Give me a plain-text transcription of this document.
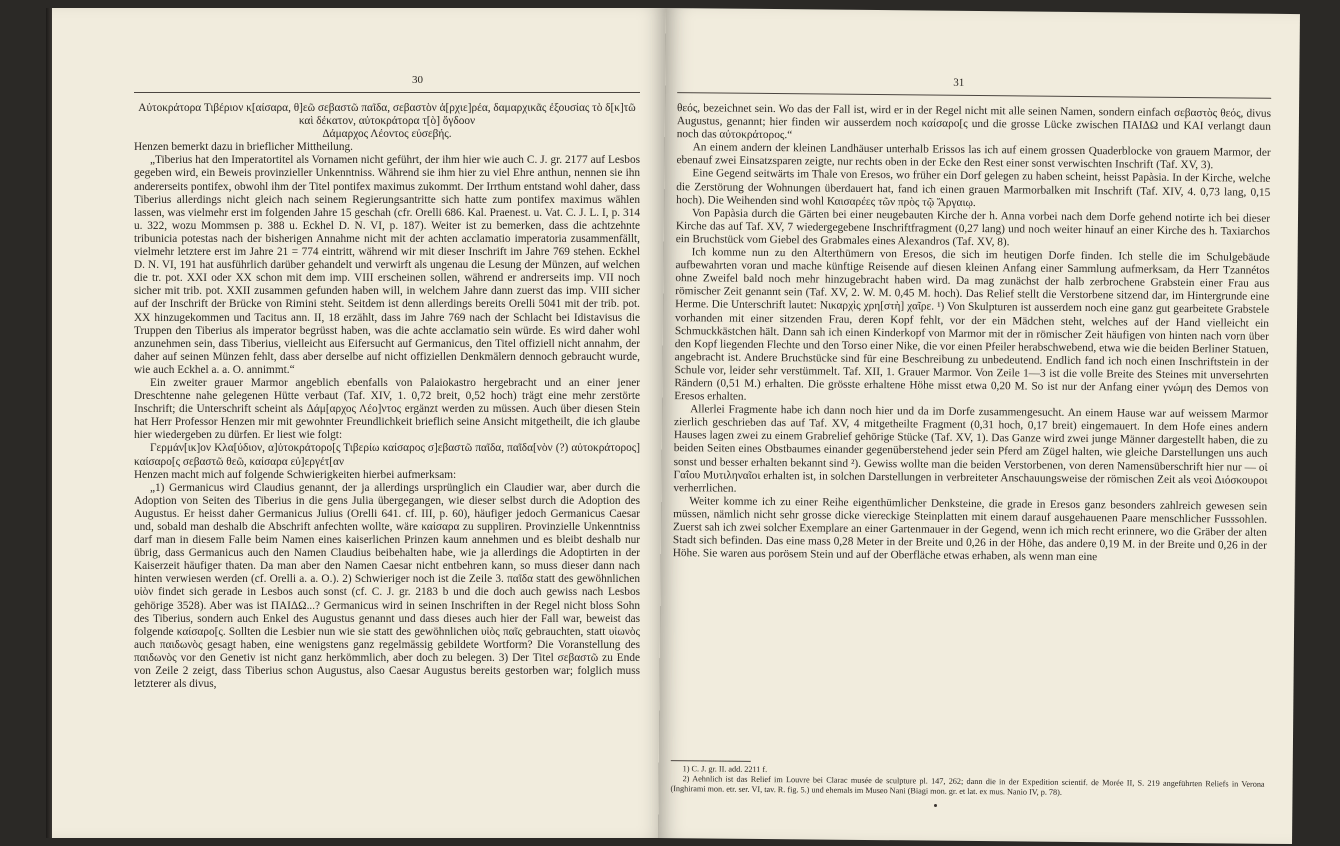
30

Αὐτοκράτορα Τιβέριον κ[αίσαρα, θ]εῶ σεβαστῶ παῖδα, σεβαστὸν ἀ[ρχιε]ρέα, δαμαρχικᾶς ἐξουσίας τὸ δ[κ]τῶ καὶ δέκατον, αὐτοκράτορα τ[ὸ] ὄγδοον

Δάμαρχος Λέοντος εὐσεβής.

Henzen bemerkt dazu in brieflicher Mittheilung.

„Tiberius hat den Imperatortitel als Vornamen nicht geführt, der ihm hier wie auch C. J. gr. 2177 auf Lesbos gegeben wird, ein Beweis provinzieller Unkenntniss. Während sie ihm hier zu viel Ehre anthun, nennen sie ihn andererseits pontifex, obwohl ihm der Titel pontifex maximus zukommt. Der Irrthum entstand wohl daher, dass Tiberius allerdings nicht gleich nach seinem Regierungsantritte sich hatte zum pontifex maximus wählen lassen, was vielmehr erst im folgenden Jahre 15 geschah (cfr. Orelli 686. Kal. Praenest. u. Vat. C. J. L. I, p. 314 u. 322, wozu Mommsen p. 388 u. Eckhel D. N. VI, p. 187). Weiter ist zu bemerken, dass die achtzehnte tribunicia potestas nach der bisherigen Annahme nicht mit der achten acclamatio imperatoria zusammenfällt, vielmehr letztere erst im Jahre 21 = 774 eintritt, während wir mit dieser Inschrift im Jahre 769 stehen. Eckhel D. N. VI, 191 hat ausführlich darüber gehandelt und verwirft als ungenau die Lesung der Münzen, auf welchen die tr. pot. XXI oder XX schon mit dem imp. VIII erscheinen sollen, während er andrerseits imp. VII noch sicher mit trib. pot. XXII zusammen gefunden haben will, in welchem Jahre dann zuerst das imp. VIII sicher auf der Inschrift der Brücke von Rimini steht. Seitdem ist denn allerdings bereits Orelli 5041 mit der trib. pot. XX hinzugekommen und Tacitus ann. II, 18 erzählt, dass im Jahre 769 nach der Schlacht bei Idistavisus die Truppen den Tiberius als imperator begrüsst haben, was die achte acclamatio sein würde. Es wird daher wohl anzunehmen sein, dass Tiberius, vielleicht aus Eifersucht auf Germanicus, den Titel offiziell nicht annahm, der daher auf seinen Münzen fehlt, dass aber derselbe auf nicht offiziellen Denkmälern dennoch gebraucht wurde, wie auch Eckhel a. a. O. annimmt.“

Ein zweiter grauer Marmor angeblich ebenfalls von Palaiokastro hergebracht und an einer jener Dreschtenne nahe gelegenen Hütte verbaut (Taf. XIV, 1. 0,72 breit, 0,52 hoch) trägt eine mehr zerstörte Inschrift; die Unterschrift scheint als Δάμ[αρχος Λέο]ντος ergänzt werden zu müssen. Auch über diesen Stein hat Herr Professor Henzen mir mit gewohnter Freundlichkeit brieflich seine Ansicht mitgetheilt, die ich glaube hier wiedergeben zu dürfen. Er liest wie folgt:

Γερμάν[ικ]ον Κλα[ύδιον, α]ὐτοκράτορο[ς Τιβερίω καίσαρος σ]εβαστῶ παῖδα, παῖδα[νὸν (?) αὐτοκράτορος] καίσαρο[ς σεβαστῶ θεῶ, καίσαρα εὐ]εργέτ[αν

Henzen macht mich auf folgende Schwierigkeiten hierbei aufmerksam:

„1) Germanicus wird Claudius genannt, der ja allerdings ursprünglich ein Claudier war, aber durch die Adoption von Seiten des Tiberius in die gens Julia übergegangen, wie dieser selbst durch die Adoption des Augustus. Er heisst daher Germanicus Julius (Orelli 641. cf. III, p. 60), häufiger jedoch Germanicus Caesar und, sobald man deshalb die Abschrift anfechten wollte, wäre καίσαρα zu suppliren. Provinzielle Unkenntniss darf man in diesem Falle beim Namen eines kaiserlichen Prinzen kaum annehmen und es bleibt deshalb nur übrig, dass Germanicus auch den Namen Claudius beibehalten habe, wie ja allerdings die Adoptirten in der Kaiserzeit häufiger thaten. Da man aber den Namen Caesar nicht entbehren kann, so muss dieser dann nach hinten verwiesen werden (cf. Orelli a. a. O.). 2) Schwieriger noch ist die Zeile 3. παῖδα statt des gewöhnlichen υἱὸν findet sich gerade in Lesbos auch sonst (cf. C. J. gr. 2183 b und die doch auch gewiss nach Lesbos gehörige 3528). Aber was ist ΠΑΙΔΩ...? Germanicus wird in seinen Inschriften in der Regel nicht bloss Sohn des Tiberius, sondern auch Enkel des Augustus genannt und dass dieses auch hier der Fall war, beweist das folgende καίσαρο[ς. Sollten die Lesbier nun wie sie statt des gewöhnlichen υἱὸς παῖς gebrauchten, statt υἱωνὸς auch παιδωνὸς gesagt haben, eine wenigstens ganz regelmässig gebildete Wortform? Die Voranstellung des παιδωνὸς vor den Genetiv ist nicht ganz herkömmlich, aber doch zu belegen. 3) Der Titel σεβαστῶ zu Ende von Zeile 2 zeigt, dass Tiberius schon Augustus, also Caesar Augustus bereits gestorben war; folglich muss letzterer als divus,

31

θεός, bezeichnet sein. Wo das der Fall ist, wird er in der Regel nicht mit alle seinen Namen, sondern einfach σεβαστὸς θεός, divus Augustus, genannt; hier finden wir ausserdem noch καίσαρο[ς und die grosse Lücke zwischen ΠΑΙΔΩ und ΚΑΙ verlangt daun noch das αὐτοκράτορος.“

An einem andern der kleinen Landhäuser unterhalb Erissos las ich auf einem grossen Quaderblocke von grauem Marmor, der ebenauf zwei Einsatzsparen zeigte, nur rechts oben in der Ecke den Rest einer sonst verwischten Inschrift (Taf. XV, 3).

Eine Gegend seitwärts im Thale von Eresos, wo früher ein Dorf gelegen zu haben scheint, heisst Papàsia. In der Kirche, welche die Zerstörung der Wohnungen überdauert hat, fand ich einen grauen Marmorbalken mit Inschrift (Taf. XIV, 4. 0,73 lang, 0,15 hoch). Die Weihenden sind wohl Καισαρέες τῶν πρὸς τῷ Ἄργαιῳ.

Von Papàsia durch die Gärten bei einer neugebauten Kirche der h. Anna vorbei nach dem Dorfe gehend notirte ich bei dieser Kirche das auf Taf. XV, 7 wiedergegebene Inschriftfragment (0,27 lang) und noch weiter hinauf an einer Kirche des h. Taxiarchos ein Bruchstück vom Giebel des Grabmales eines Alexandros (Taf. XV, 8).

Ich komme nun zu den Alterthümern von Eresos, die sich im heutigen Dorfe finden. Ich stelle die im Schulgebäude aufbewahrten voran und mache künftige Reisende auf diesen kleinen Anfang einer Sammlung aufmerksam, da Herr Tzannétos ohne Zweifel bald noch mehr hinzugebracht haben wird. Da mag zunächst der halb zerbrochene Grabstein einer Frau aus römischer Zeit genannt sein (Taf. XV, 2. W. M. 0,45 M. hoch). Das Relief stellt die Verstorbene sitzend dar, im Hintergrunde eine Herme. Die Unterschrift lautet: Νικαρχὶς χρη[στὴ] χαῖρε. ¹) Von Skulpturen ist ausserdem noch eine ganz gut gearbeitete Grabstele vorhanden mit einer sitzenden Frau, deren Kopf fehlt, vor der ein Mädchen steht, welches auf der Hand vielleicht ein Schmuckkästchen hält. Dann sah ich einen Kinderkopf von Marmor mit der in römischer Zeit häufigen von hinten nach vorn über den Kopf liegenden Flechte und den Torso einer Nike, die vor einen Pfeiler herabschwebend, etwa wie die beiden Berliner Statuen, angebracht ist. Andere Bruchstücke sind für eine Beschreibung zu unbedeutend. Endlich fand ich noch einen Inschriftstein in der Schule vor, leider sehr verstümmelt. Taf. XII, 1. Grauer Marmor. Von Zeile 1—3 ist die volle Breite des Steines mit unversehrten Rändern (0,51 M.) erhalten. Die grösste erhaltene Höhe misst etwa 0,20 M. So ist nur der Anfang einer γνώμη des Demos von Eresos erhalten.

Allerlei Fragmente habe ich dann noch hier und da im Dorfe zusammengesucht. An einem Hause war auf weissem Marmor zierlich geschrieben das auf Taf. XV, 4 mitgetheilte Fragment (0,31 hoch, 0,17 breit) eingemauert. In dem Hofe eines andern Hauses lagen zwei zu einem Grabrelief gehörige Stücke (Taf. XV, 1). Das Ganze wird zwei junge Männer dargestellt haben, die zu beiden Seiten eines Obstbaumes einander gegenüberstehend jeder sein Pferd am Zügel halten, wie gleiche Darstellungen uns auch sonst und besser erhalten bekannt sind ²). Gewiss wollte man die beiden Verstorbenen, von deren Namensüberschrift hier nur — οἱ Γαΐου Μυτιληναῖοι erhalten ist, in solchen Darstellungen in verbreiteter Anschauungsweise der römischen Zeit als νεοὶ Διόσκουροι verherrlichen.

Weiter komme ich zu einer Reihe eigenthümlicher Denksteine, die grade in Eresos ganz besonders zahlreich gewesen sein müssen, nämlich nicht sehr grosse dicke viereckige Steinplatten mit einem darauf ausgehauenen Paare menschlicher Fusssohlen. Zuerst sah ich zwei solcher Exemplare an einer Gartenmauer in der Gegend, wenn ich mich recht erinnere, wo die Gräber der alten Stadt sich befinden. Das eine mass 0,28 Meter in der Breite und 0,26 in der Höhe, das andere 0,19 M. in der Breite und 0,26 in der Höhe. Sie waren aus porösem Stein und auf der Oberfläche etwas erhaben, als wenn man eine

1) C. J. gr. II. add. 2211 f.

2) Aehnlich ist das Relief im Louvre bei Clarac musée de sculpture pl. 147, 262; dann die in der Expedition scientif. de Morée II, S. 219 angeführten Reliefs in Verona (Inghirami mon. etr. ser. VI, tav. R. fig. 5.) und ehemals im Museo Nani (Biagi mon. gr. et lat. ex mus. Nanio IV, p. 78).
